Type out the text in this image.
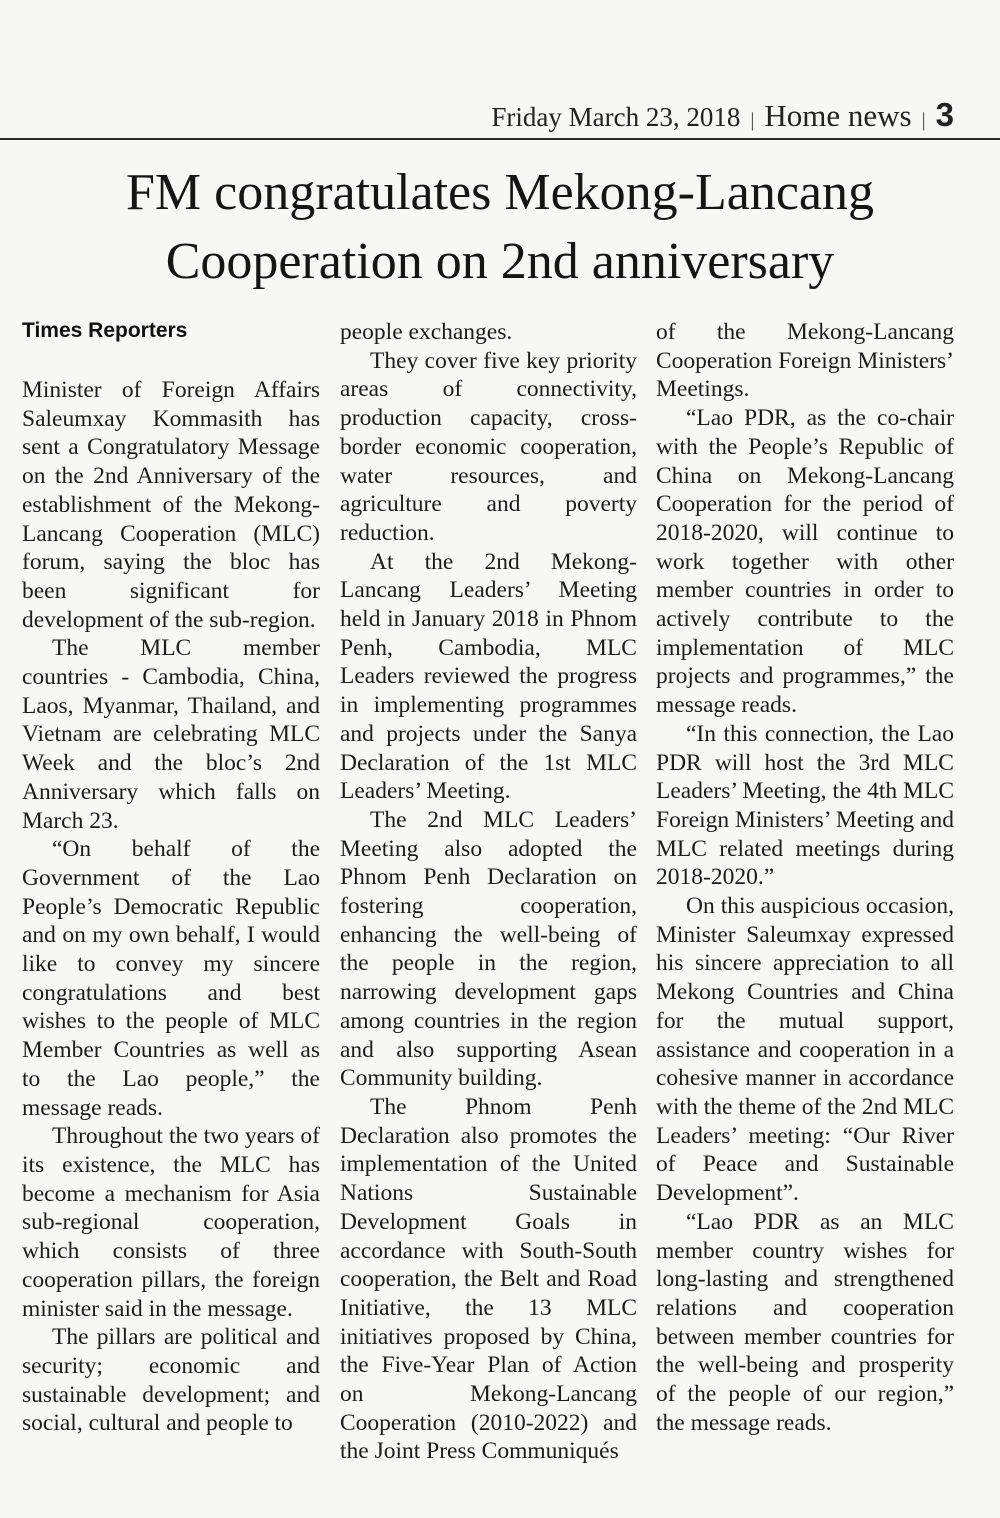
Friday March 23, 2018 | Home news | 3
FM congratulates Mekong-Lancang
Cooperation on 2nd anniversary
Times Reporters

Minister of Foreign Affairs Saleumxay Kommasith has sent a Congratulatory Message on the 2nd Anniversary of the establishment of the Mekong-Lancang Cooperation (MLC) forum, saying the bloc has been significant for development of the sub-region.

The MLC member countries - Cambodia, China, Laos, Myanmar, Thailand, and Vietnam are celebrating MLC Week and the bloc’s 2nd Anniversary which falls on March 23.

“On behalf of the Government of the Lao People’s Democratic Republic and on my own behalf, I would like to convey my sincere congratulations and best wishes to the people of MLC Member Countries as well as to the Lao people,” the message reads.

Throughout the two years of its existence, the MLC has become a mechanism for Asia sub-regional cooperation, which consists of three cooperation pillars, the foreign minister said in the message.

The pillars are political and security; economic and sustainable development; and social, cultural and people to

people exchanges.

They cover five key priority areas of connectivity, production capacity, cross-border economic cooperation, water resources, and agriculture and poverty reduction.

At the 2nd Mekong-Lancang Leaders’ Meeting held in January 2018 in Phnom Penh, Cambodia, MLC Leaders reviewed the progress in implementing programmes and projects under the Sanya Declaration of the 1st MLC Leaders’ Meeting.

The 2nd MLC Leaders’ Meeting also adopted the Phnom Penh Declaration on fostering cooperation, enhancing the well-being of the people in the region, narrowing development gaps among countries in the region and also supporting Asean Community building.

The Phnom Penh Declaration also promotes the implementation of the United Nations Sustainable Development Goals in accordance with South-South cooperation, the Belt and Road Initiative, the 13 MLC initiatives proposed by China, the Five-Year Plan of Action on Mekong-Lancang Cooperation (2010-2022) and the Joint Press Communiqués

of the Mekong-Lancang Cooperation Foreign Ministers’ Meetings.

“Lao PDR, as the co-chair with the People’s Republic of China on Mekong-Lancang Cooperation for the period of 2018-2020, will continue to work together with other member countries in order to actively contribute to the implementation of MLC projects and programmes,” the message reads.

“In this connection, the Lao PDR will host the 3rd MLC Leaders’ Meeting, the 4th MLC Foreign Ministers’ Meeting and MLC related meetings during 2018-2020.”

On this auspicious occasion, Minister Saleumxay expressed his sincere appreciation to all Mekong Countries and China for the mutual support, assistance and cooperation in a cohesive manner in accordance with the theme of the 2nd MLC Leaders’ meeting: “Our River of Peace and Sustainable Development”.

“Lao PDR as an MLC member country wishes for long-lasting and strengthened relations and cooperation between member countries for the well-being and prosperity of the people of our region,” the message reads.
